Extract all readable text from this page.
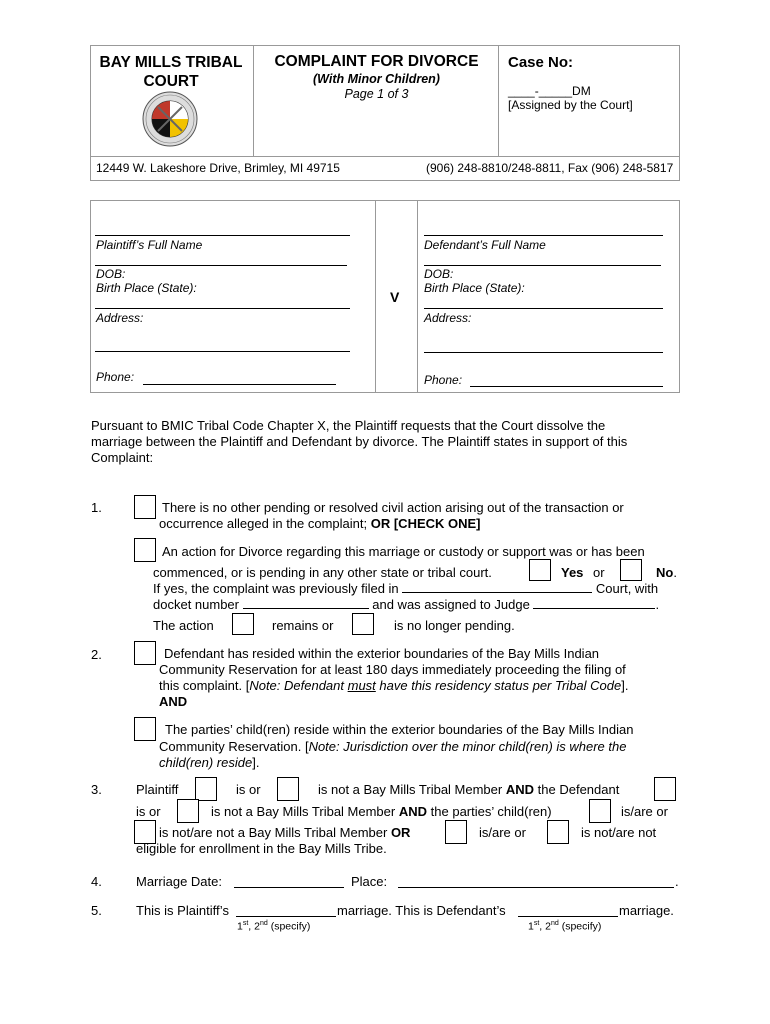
BAY MILLS TRIBAL
COURT
COMPLAINT FOR DIVORCE
(With Minor Children)
Page 1 of 3
Case No:
____-_____DM
[Assigned by the Court]
12449 W. Lakeshore Drive, Brimley, MI 49715	(906) 248-8810/248-8811, Fax (906) 248-5817
Plaintiff’s Full Name
DOB:
Birth Place (State):
Address:
Phone:
V
Defendant’s Full Name
DOB:
Birth Place (State):
Address:
Phone:
Pursuant to BMIC Tribal Code Chapter X, the Plaintiff requests that the Court dissolve the
marriage between the Plaintiff and Defendant by divorce. The Plaintiff states in support of this
Complaint:
1.	There is no other pending or resolved civil action arising out of the transaction or
occurrence alleged in the complaint; OR [CHECK ONE]
An action for Divorce regarding this marriage or custody or support was or has been
commenced, or is pending in any other state or tribal court.	Yes or	No.
If yes, the complaint was previously filed in	Court, with
docket number	and was assigned to Judge	.
The action	remains or	is no longer pending.
2.	Defendant has resided within the exterior boundaries of the Bay Mills Indian
Community Reservation for at least 180 days immediately proceeding the filing of
this complaint. [Note: Defendant must have this residency status per Tribal Code].
AND
The parties’ child(ren) reside within the exterior boundaries of the Bay Mills Indian
Community Reservation. [Note: Jurisdiction over the minor child(ren) is where the
child(ren) reside].
3.	Plaintiff	is or	is not a Bay Mills Tribal Member AND the Defendant
is or	is not a Bay Mills Tribal Member AND the parties’ child(ren)	is/are or
is not/are not a Bay Mills Tribal Member OR	is/are or	is not/are not
eligible for enrollment in the Bay Mills Tribe.
4.	Marriage Date:	Place:	.
5.	This is Plaintiff’s	marriage. This is Defendant’s	marriage.
1st, 2nd (specify)	1st, 2nd (specify)
